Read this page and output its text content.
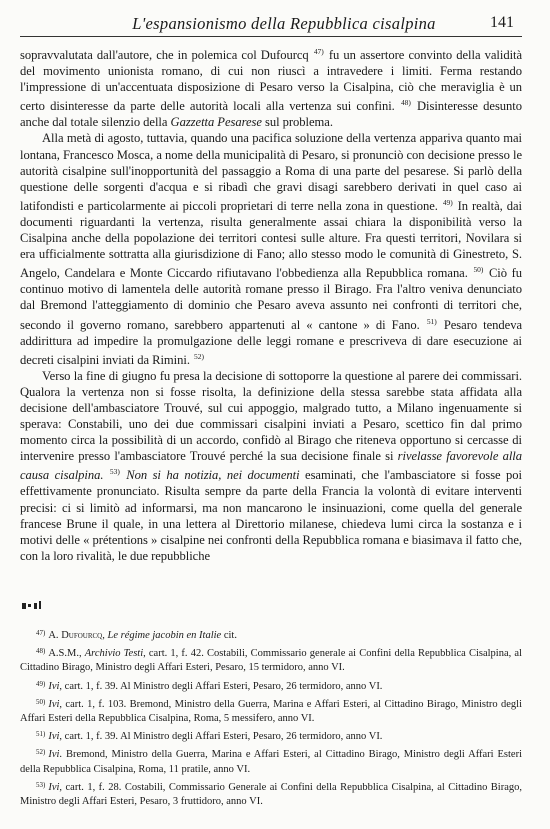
L'espansionismo della Repubblica cisalpina	141

sopravvalutata dall'autore, che in polemica col Dufourcq $^{47)}$ fu un assertore convinto della validità del movimento unionista romano, di cui non riuscì a intravedere i limiti. Ferma restando l'impressione di un'accentuata disposizione di Pesaro verso la Cisalpina, ciò che meraviglia è un certo disinteresse da parte delle autorità locali alla vertenza sui confini. $^{48)}$ Disinteresse desunto anche dal totale silenzio della Gazzetta Pesarese sul problema.

Alla metà di agosto, tuttavia, quando una pacifica soluzione della vertenza appariva quanto mai lontana, Francesco Mosca, a nome della municipalità di Pesaro, si pronunciò con decisione presso le autorità cisalpine sull'inopportunità del passaggio a Roma di una parte del pesarese. Si parlò della questione delle sorgenti d'acqua e si ribadì che gravi disagi sarebbero derivati in quel caso ai latifondisti e particolarmente ai piccoli proprietari di terre nella zona in questione. $^{49)}$ In realtà, dai documenti riguardanti la vertenza, risulta generalmente assai chiara la disponibilità verso la Cisalpina anche della popolazione dei territori contesi sulle alture. Fra questi territori, Novilara si era ufficialmente sottratta alla giurisdizione di Fano; allo stesso modo le comunità di Ginestreto, S. Angelo, Candelara e Monte Ciccardo rifiutavano l'obbedienza alla Repubblica romana. $^{50)}$ Ciò fu continuo motivo di lamentela delle autorità romane presso il Birago. Fra l'altro veniva denunciato dal Bremond l'atteggiamento di dominio che Pesaro aveva assunto nei confronti di territori che, secondo il governo romano, sarebbero appartenuti al « cantone » di Fano. $^{51)}$ Pesaro tendeva addirittura ad impedire la promulgazione delle leggi romane e prescriveva di dare esecuzione ai decreti cisalpini inviati da Rimini. $^{52)}$

Verso la fine di giugno fu presa la decisione di sottoporre la questione al parere dei commissari. Qualora la vertenza non si fosse risolta, la definizione della stessa sarebbe stata affidata alla decisione dell'ambasciatore Trouvé, sul cui appoggio, malgrado tutto, a Milano ingenuamente si sperava: Constabili, uno dei due commissari cisalpini inviati a Pesaro, scettico fin dal primo momento circa la possibilità di un accordo, confidò al Birago che riteneva opportuno si cercasse di intervenire presso l'ambasciatore Trouvé perché la sua decisione finale si rivelasse favorevole alla causa cisalpina. $^{53)}$ Non si ha notizia, nei documenti esaminati, che l'ambasciatore si fosse poi effettivamente pronunciato. Risulta sempre da parte della Francia la volontà di evitare interventi precisi: ci si limitò ad informarsi, ma non mancarono le insinuazioni, come quella del generale francese Brune il quale, in una lettera al Direttorio milanese, chiedeva lumi circa la sostanza e i motivi delle « prétentions » cisalpine nei confronti della Repubblica romana e biasimava il fatto che, con la loro rivalità, le due repubbliche

$^{47)}$ A. Dufourcq, Le régime jacobin en Italie cit.
$^{48)}$ A.S.M., Archivio Testi, cart. 1, f. 42. Costabili, Commissario generale ai Confini della Repubblica Cisalpina, al Cittadino Birago, Ministro degli Affari Esteri, Pesaro, 15 termidoro, anno VI.
$^{49)}$ Ivi, cart. 1, f. 39. Al Ministro degli Affari Esteri, Pesaro, 26 termidoro, anno VI.
$^{50)}$ Ivi, cart. 1, f. 103. Bremond, Ministro della Guerra, Marina e Affari Esteri, al Cittadino Birago, Ministro degli Affari Esteri della Repubblica Cisalpina, Roma, 5 messifero, anno VI.
$^{51)}$ Ivi, cart. 1, f. 39. Al Ministro degli Affari Esteri, Pesaro, 26 termidoro, anno VI.
$^{52)}$ Ivi. Bremond, Ministro della Guerra, Marina e Affari Esteri, al Cittadino Birago, Ministro degli Affari Esteri della Repubblica Cisalpina, Roma, 11 pratile, anno VI.
$^{53)}$ Ivi, cart. 1, f. 28. Costabili, Commissario Generale ai Confini della Repubblica Cisalpina, al Cittadino Birago, Ministro degli Affari Esteri, Pesaro, 3 fruttidoro, anno VI.
